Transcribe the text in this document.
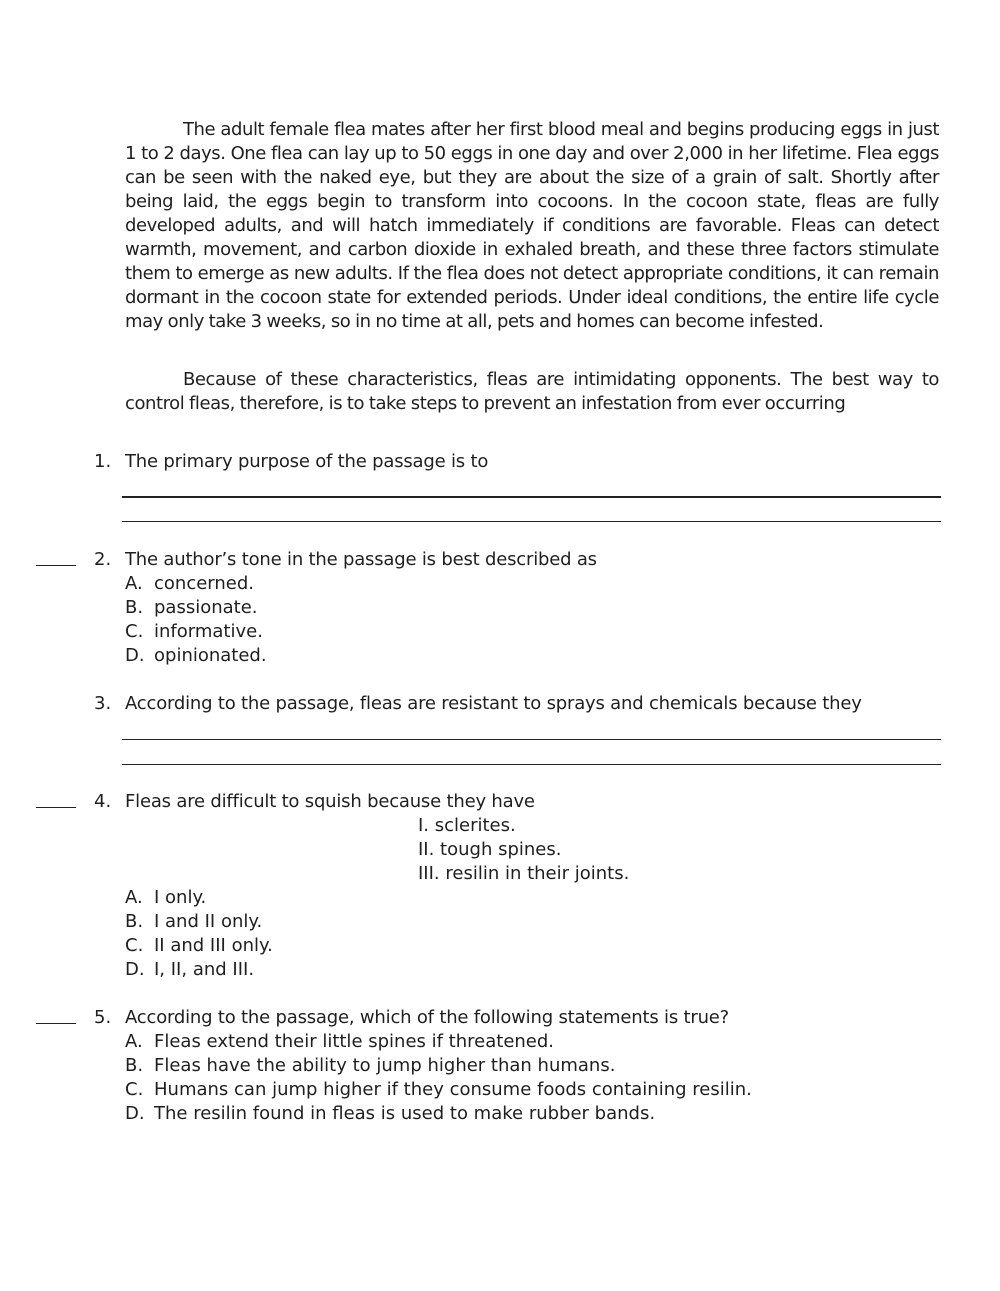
The adult female flea mates after her first blood meal and begins producing eggs in just 1 to 2 days. One flea can lay up to 50 eggs in one day and over 2,000 in her lifetime. Flea eggs can be seen with the naked eye, but they are about the size of a grain of salt. Shortly after being laid, the eggs begin to transform into cocoons. In the cocoon state, fleas are fully developed adults, and will hatch immediately if conditions are favorable. Fleas can detect warmth, movement, and carbon dioxide in exhaled breath, and these three factors stimulate them to emerge as new adults. If the flea does not detect appropriate conditions, it can remain dormant in the cocoon state for extended periods. Under ideal conditions, the entire life cycle may only take 3 weeks, so in no time at all, pets and homes can become infested.

Because of these characteristics, fleas are intimidating opponents. The best way to control fleas, therefore, is to take steps to prevent an infestation from ever occurring

1. The primary purpose of the passage is to
2. The author’s tone in the passage is best described as
A. concerned.
B. passionate.
C. informative.
D. opinionated.
3. According to the passage, fleas are resistant to sprays and chemicals because they
4. Fleas are difficult to squish because they have
I. sclerites.
II. tough spines.
III. resilin in their joints.
A. I only.
B. I and II only.
C. II and III only.
D. I, II, and III.
5. According to the passage, which of the following statements is true?
A. Fleas extend their little spines if threatened.
B. Fleas have the ability to jump higher than humans.
C. Humans can jump higher if they consume foods containing resilin.
D. The resilin found in fleas is used to make rubber bands.
